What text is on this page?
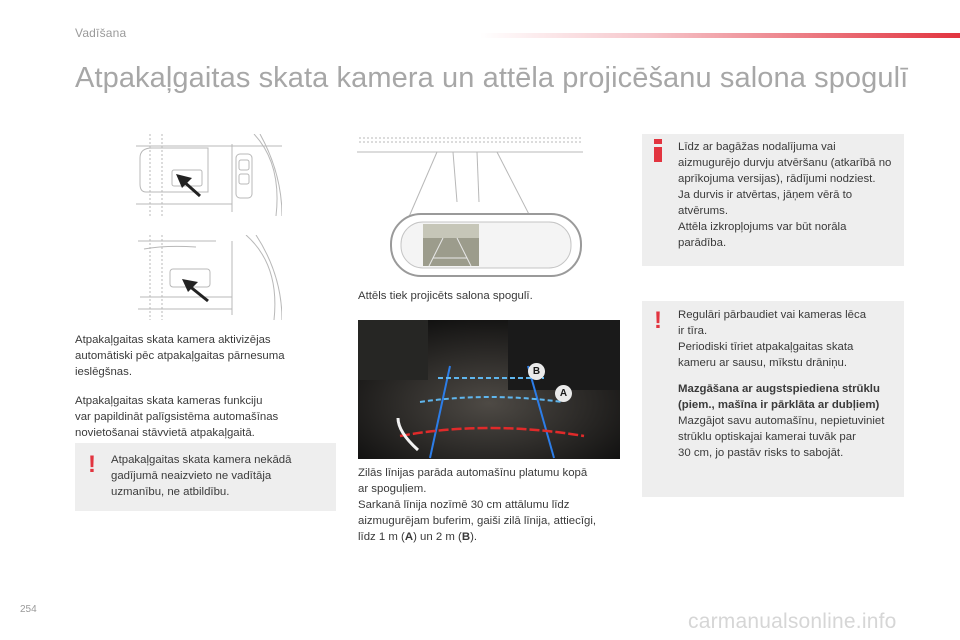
Vadīšana
Atpakaļgaitas skata kamera un attēla projicēšanu salona spogulī
Attēls tiek projicēts salona spogulī.
B
A

Zilās līnijas parāda automašīnu platumu kopā

ar spoguļiem.

Sarkanā līnija nozīmē 30 cm attālumu līdz

aizmugurējam buferim, gaiši zilā līnija, attiecīgi,

līdz 1 m (A) un 2 m (B).

Atpakaļgaitas skata kamera aktivizējas

automātiski pēc atpakaļgaitas pārnesuma

ieslēgšnas.

Atpakaļgaitas skata kameras funkciju

var papildināt palīgsistēma automašīnas

novietošanai stāvvietā atpakaļgaitā.

! Atpakaļgaitas skata kamera nekādā

gadījumā neaizvieto ne vadītāja

uzmanību, ne atbildību.

Līdz ar bagāžas nodalījuma vai

aizmugurējo durvju atvēršanu (atkarībā no

aprīkojuma versijas), rādījumi nodziest.

Ja durvis ir atvērtas, jāņem vērā to

atvērums.

Attēla izkropļojums var būt norāla

parādība.

! Regulāri pārbaudiet vai kameras lēca

ir tīra.

Periodiski tīriet atpakaļgaitas skata

kameru ar sausu, mīkstu drāniņu.

Mazgāšana ar augstspiediena strūklu

(piem., mašīna ir pārklāta ar dubļiem)

Mazgājot savu automašīnu, nepietuviniet

strūklu optiskajai kamerai tuvāk par

30 cm, jo pastāv risks to sabojāt.

254
carmanualsonline.info
